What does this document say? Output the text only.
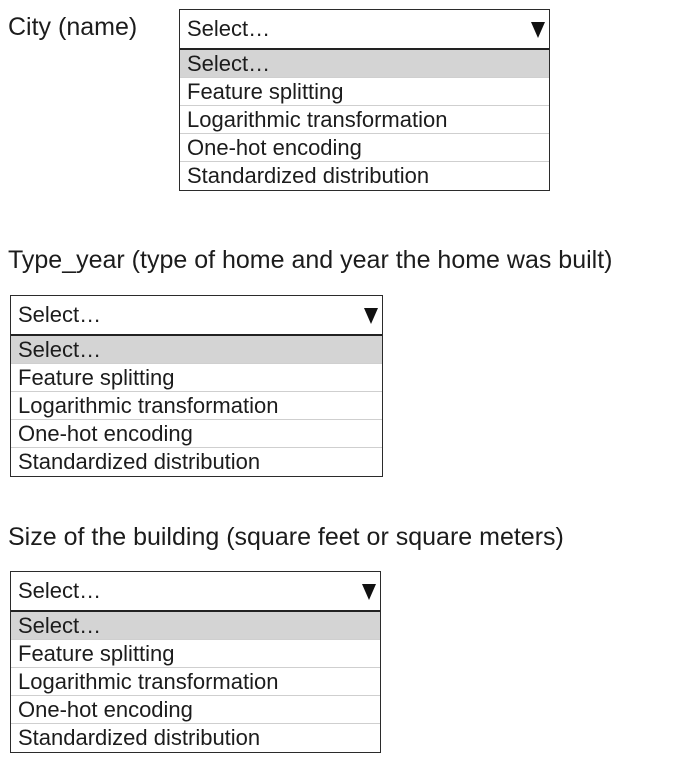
City (name) Select…
Select…
Feature splitting
Logarithmic transformation
One-hot encoding
Standardized distribution
Type_year (type of home and year the home was built)
Select…
Select…
Feature splitting
Logarithmic transformation
One-hot encoding
Standardized distribution
Size of the building (square feet or square meters)
Select…
Select…
Feature splitting
Logarithmic transformation
One-hot encoding
Standardized distribution
